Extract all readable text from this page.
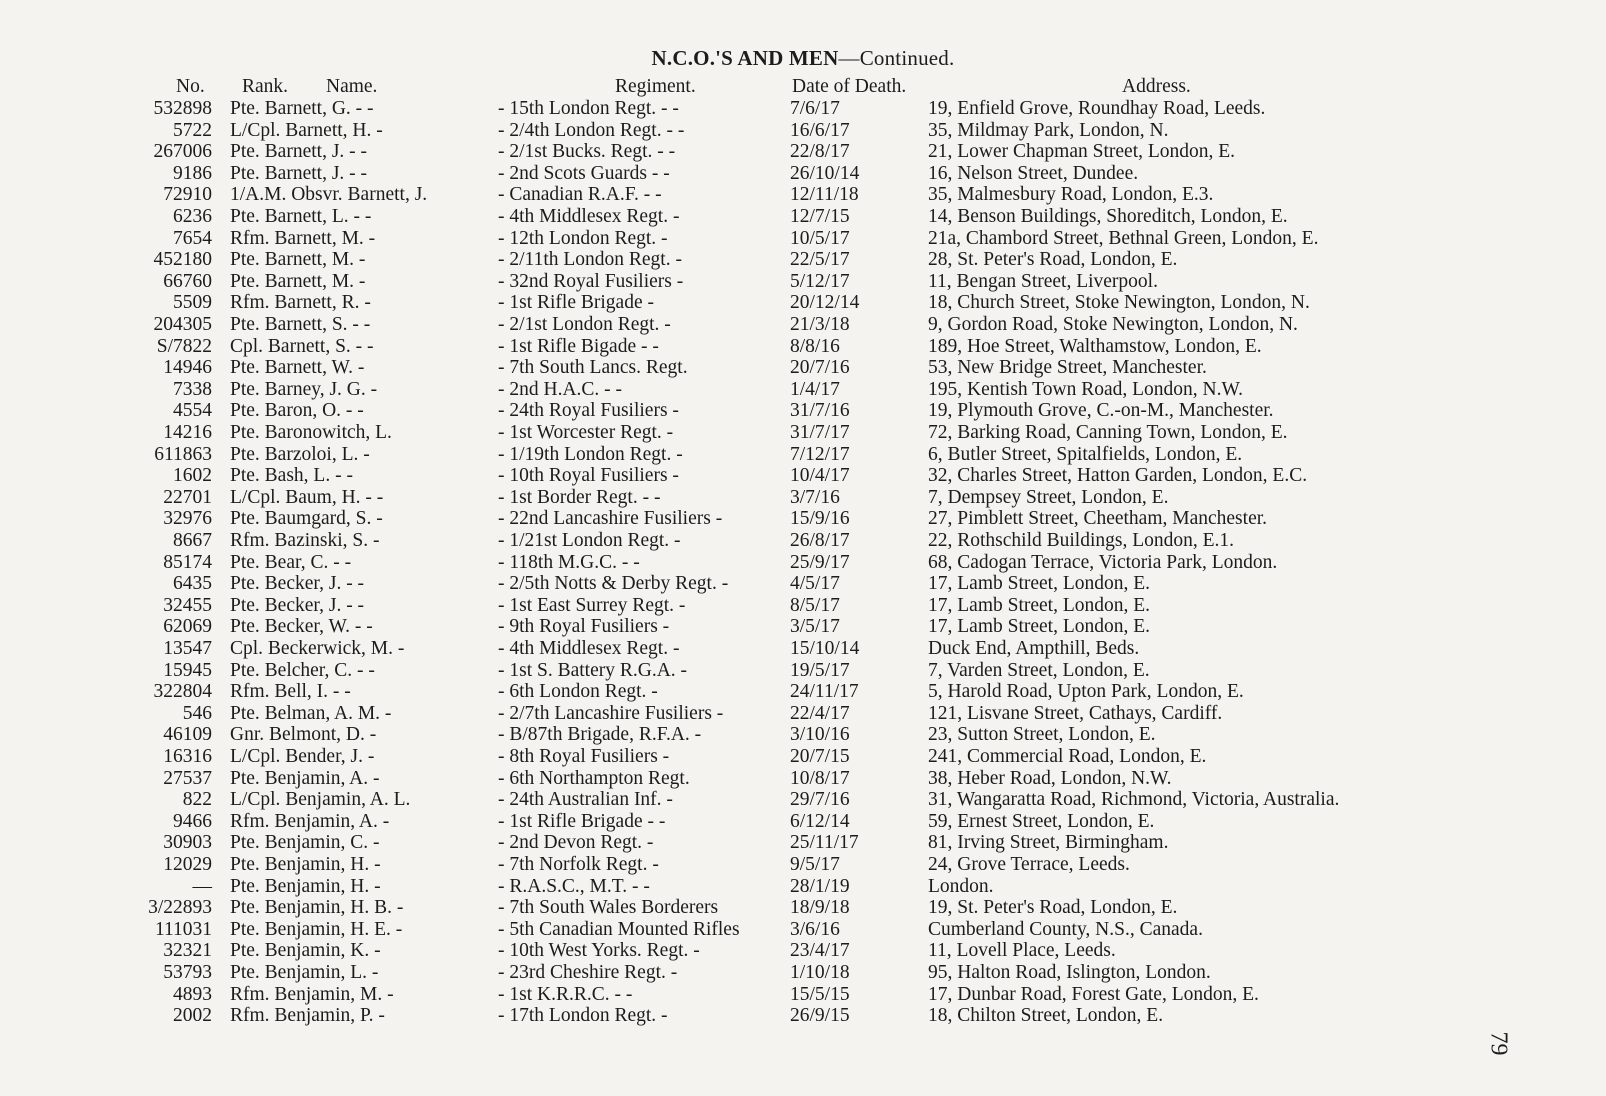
N.C.O.'S AND MEN—Continued.
No. Rank. Name.	Regiment.	Date of Death.	Address.
532898 Pte. Barnett, G. - -	- 15th London Regt. - -	7/6/17	19, Enfield Grove, Roundhay Road, Leeds.
5722 L/Cpl. Barnett, H. -	- 2/4th London Regt. - -	16/6/17	35, Mildmay Park, London, N.
267006 Pte. Barnett, J. - -	- 2/1st Bucks. Regt. - -	22/8/17	21, Lower Chapman Street, London, E.
9186 Pte. Barnett, J. - -	- 2nd Scots Guards - -	26/10/14	16, Nelson Street, Dundee.
72910 1/A.M. Obsvr. Barnett, J.	- Canadian R.A.F. - -	12/11/18	35, Malmesbury Road, London, E.3.
6236 Pte. Barnett, L. - -	- 4th Middlesex Regt. -	12/7/15	14, Benson Buildings, Shoreditch, London, E.
7654 Rfm. Barnett, M. -	- 12th London Regt. -	10/5/17	21a, Chambord Street, Bethnal Green, London, E.
452180 Pte. Barnett, M. -	- 2/11th London Regt. -	22/5/17	28, St. Peter's Road, London, E.
66760 Pte. Barnett, M. -	- 32nd Royal Fusiliers -	5/12/17	11, Bengan Street, Liverpool.
5509 Rfm. Barnett, R. -	- 1st Rifle Brigade -	20/12/14	18, Church Street, Stoke Newington, London, N.
204305 Pte. Barnett, S. - -	- 2/1st London Regt. -	21/3/18	9, Gordon Road, Stoke Newington, London, N.
S/7822 Cpl. Barnett, S. - -	- 1st Rifle Bigade - -	8/8/16	189, Hoe Street, Walthamstow, London, E.
14946 Pte. Barnett, W. -	- 7th South Lancs. Regt.	20/7/16	53, New Bridge Street, Manchester.
7338 Pte. Barney, J. G. -	- 2nd H.A.C. - -	1/4/17	195, Kentish Town Road, London, N.W.
4554 Pte. Baron, O. - -	- 24th Royal Fusiliers -	31/7/16	19, Plymouth Grove, C.-on-M., Manchester.
14216 Pte. Baronowitch, L.	- 1st Worcester Regt. -	31/7/17	72, Barking Road, Canning Town, London, E.
611863 Pte. Barzoloi, L. -	- 1/19th London Regt. -	7/12/17	6, Butler Street, Spitalfields, London, E.
1602 Pte. Bash, L. - -	- 10th Royal Fusiliers -	10/4/17	32, Charles Street, Hatton Garden, London, E.C.
22701 L/Cpl. Baum, H. - -	- 1st Border Regt. - -	3/7/16	7, Dempsey Street, London, E.
32976 Pte. Baumgard, S. -	- 22nd Lancashire Fusiliers -	15/9/16	27, Pimblett Street, Cheetham, Manchester.
8667 Rfm. Bazinski, S. -	- 1/21st London Regt. -	26/8/17	22, Rothschild Buildings, London, E.1.
85174 Pte. Bear, C. - -	- 118th M.G.C. - -	25/9/17	68, Cadogan Terrace, Victoria Park, London.
6435 Pte. Becker, J. - -	- 2/5th Notts & Derby Regt. -	4/5/17	17, Lamb Street, London, E.
32455 Pte. Becker, J. - -	- 1st East Surrey Regt. -	8/5/17	17, Lamb Street, London, E.
62069 Pte. Becker, W. - -	- 9th Royal Fusiliers -	3/5/17	17, Lamb Street, London, E.
13547 Cpl. Beckerwick, M. -	- 4th Middlesex Regt. -	15/10/14	Duck End, Ampthill, Beds.
15945 Pte. Belcher, C. - -	- 1st S. Battery R.G.A. -	19/5/17	7, Varden Street, London, E.
322804 Rfm. Bell, I. - -	- 6th London Regt. -	24/11/17	5, Harold Road, Upton Park, London, E.
546 Pte. Belman, A. M. -	- 2/7th Lancashire Fusiliers -	22/4/17	121, Lisvane Street, Cathays, Cardiff.
46109 Gnr. Belmont, D. -	- B/87th Brigade, R.F.A. -	3/10/16	23, Sutton Street, London, E.
16316 L/Cpl. Bender, J. -	- 8th Royal Fusiliers -	20/7/15	241, Commercial Road, London, E.
27537 Pte. Benjamin, A. -	- 6th Northampton Regt.	10/8/17	38, Heber Road, London, N.W.
822 L/Cpl. Benjamin, A. L.	- 24th Australian Inf. -	29/7/16	31, Wangaratta Road, Richmond, Victoria, Australia.
9466 Rfm. Benjamin, A. -	- 1st Rifle Brigade - -	6/12/14	59, Ernest Street, London, E.
30903 Pte. Benjamin, C. -	- 2nd Devon Regt. -	25/11/17	81, Irving Street, Birmingham.
12029 Pte. Benjamin, H. -	- 7th Norfolk Regt. -	9/5/17	24, Grove Terrace, Leeds.
— Pte. Benjamin, H. -	- R.A.S.C., M.T. - -	28/1/19	London.
3/22893 Pte. Benjamin, H. B. -	- 7th South Wales Borderers	18/9/18	19, St. Peter's Road, London, E.
111031 Pte. Benjamin, H. E. -	- 5th Canadian Mounted Rifles	3/6/16	Cumberland County, N.S., Canada.
32321 Pte. Benjamin, K. -	- 10th West Yorks. Regt. -	23/4/17	11, Lovell Place, Leeds.
53793 Pte. Benjamin, L. -	- 23rd Cheshire Regt. -	1/10/18	95, Halton Road, Islington, London.
4893 Rfm. Benjamin, M. -	- 1st K.R.R.C. - -	15/5/15	17, Dunbar Road, Forest Gate, London, E.
2002 Rfm. Benjamin, P. -	- 17th London Regt. -	26/9/15	18, Chilton Street, London, E.
79
